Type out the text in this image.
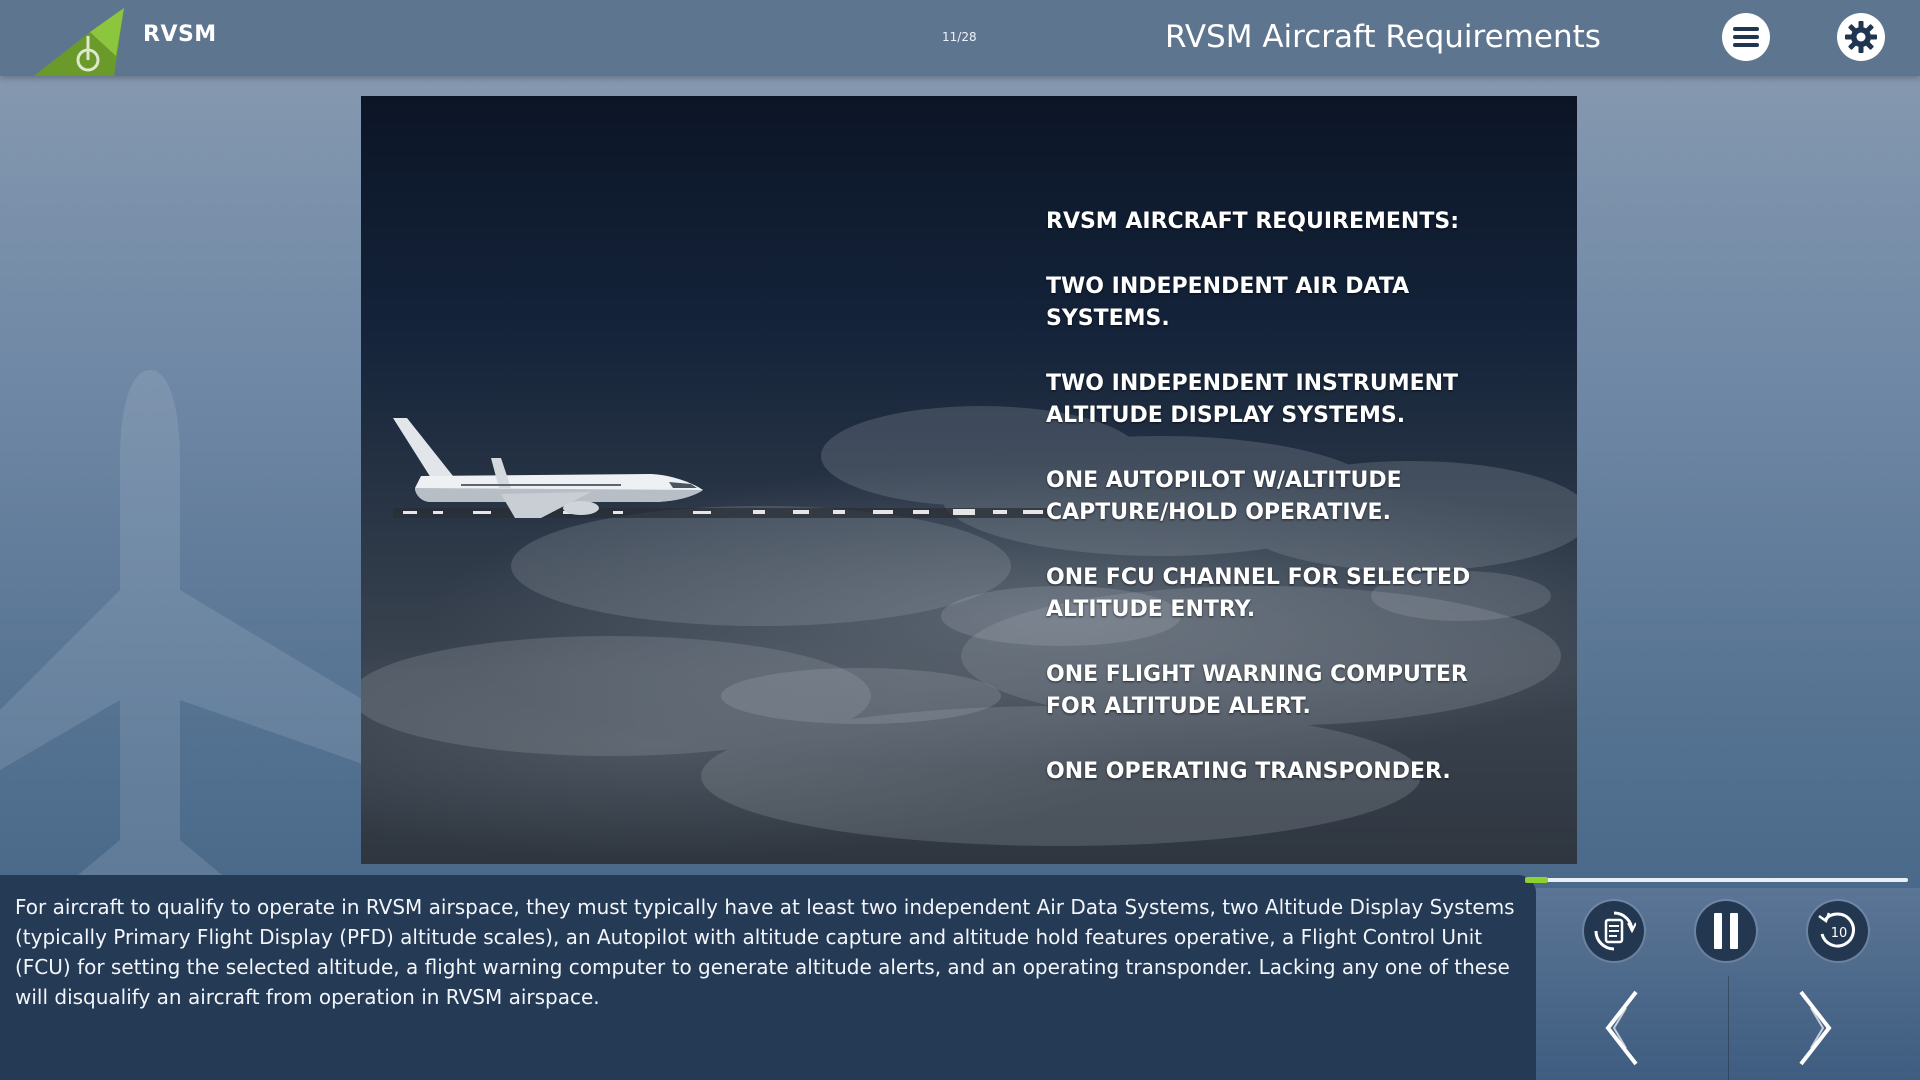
RVSM	11/28	RVSM Aircraft Requirements

RVSM AIRCRAFT REQUIREMENTS:

TWO INDEPENDENT AIR DATA SYSTEMS.

TWO INDEPENDENT INSTRUMENT ALTITUDE DISPLAY SYSTEMS.

ONE AUTOPILOT W/ALTITUDE CAPTURE/HOLD OPERATIVE.

ONE FCU CHANNEL FOR SELECTED ALTITUDE ENTRY.

ONE FLIGHT WARNING COMPUTER FOR ALTITUDE ALERT.

ONE OPERATING TRANSPONDER.

For aircraft to qualify to operate in RVSM airspace, they must typically have at least two independent Air Data Systems, two Altitude Display Systems (typically Primary Flight Display (PFD) altitude scales), an Autopilot with altitude capture and altitude hold features operative, a Flight Control Unit (FCU) for setting the selected altitude, a flight warning computer to generate altitude alerts, and an operating transponder. Lacking any one of these will disqualify an aircraft from operation in RVSM airspace.
10
